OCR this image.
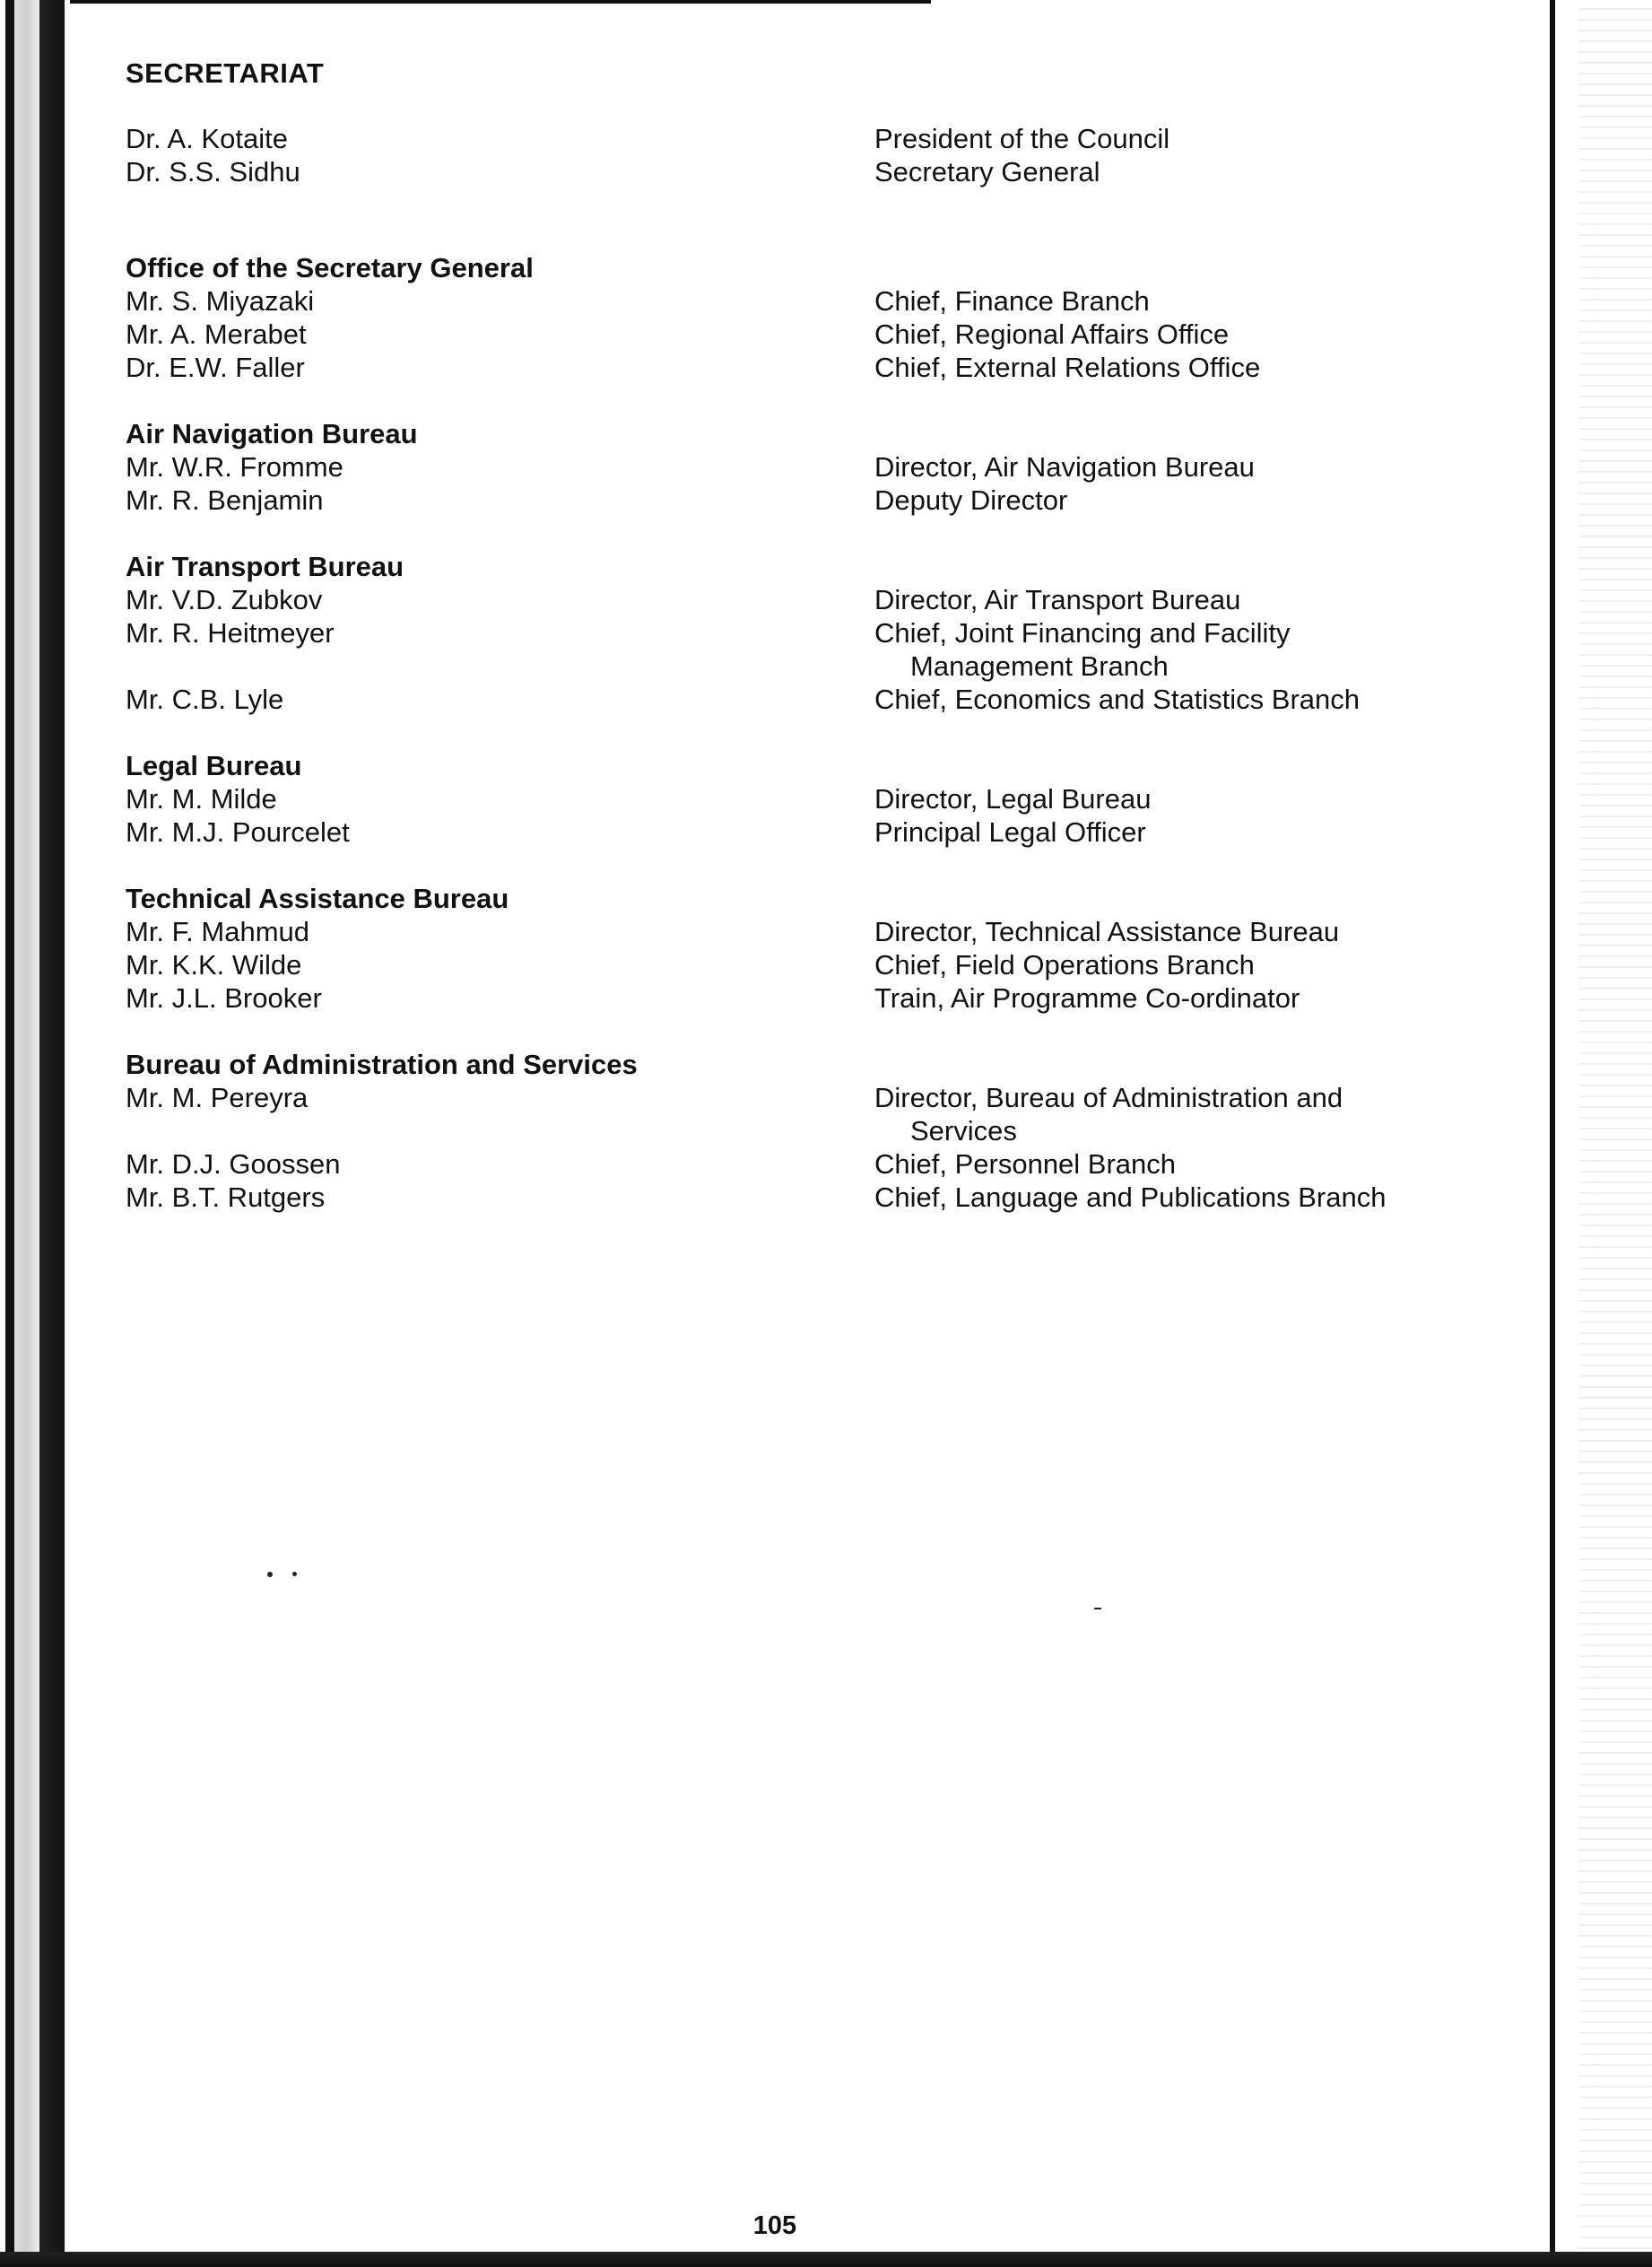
SECRETARIAT
Dr. A. Kotaite	President of the Council
Dr. S.S. Sidhu	Secretary General
Office of the Secretary General
Mr. S. Miyazaki	Chief, Finance Branch
Mr. A. Merabet	Chief, Regional Affairs Office
Dr. E.W. Faller	Chief, External Relations Office
Air Navigation Bureau
Mr. W.R. Fromme	Director, Air Navigation Bureau
Mr. R. Benjamin	Deputy Director
Air Transport Bureau
Mr. V.D. Zubkov	Director, Air Transport Bureau
Mr. R. Heitmeyer	Chief, Joint Financing and Facility
Management Branch
Mr. C.B. Lyle	Chief, Economics and Statistics Branch
Legal Bureau
Mr. M. Milde	Director, Legal Bureau
Mr. M.J. Pourcelet	Principal Legal Officer
Technical Assistance Bureau
Mr. F. Mahmud	Director, Technical Assistance Bureau
Mr. K.K. Wilde	Chief, Field Operations Branch
Mr. J.L. Brooker	Train, Air Programme Co-ordinator
Bureau of Administration and Services
Mr. M. Pereyra	Director, Bureau of Administration and
Services
Mr. D.J. Goossen	Chief, Personnel Branch
Mr. B.T. Rutgers	Chief, Language and Publications Branch
105
